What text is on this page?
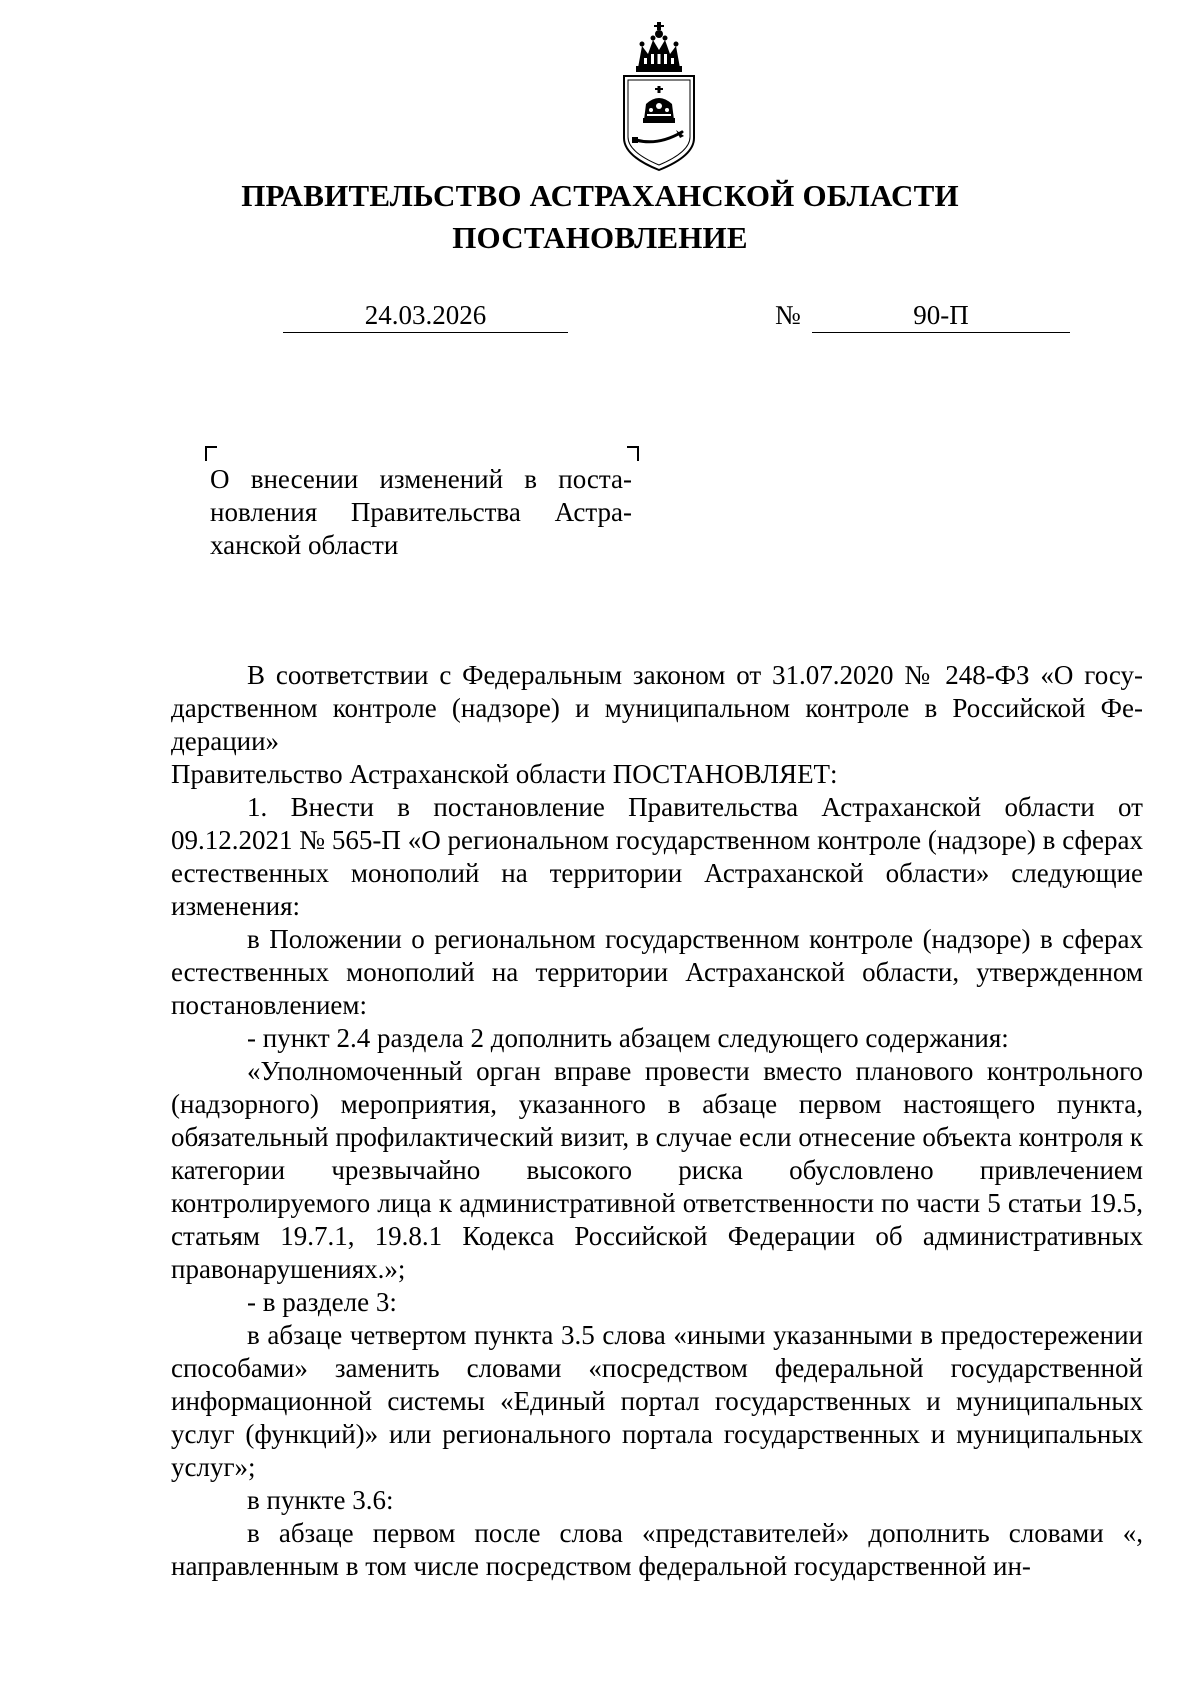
ПРАВИТЕЛЬСТВО АСТРАХАНСКОЙ ОБЛАСТИ
ПОСТАНОВЛЕНИЕ
24.03.2026	№	90-П
О внесении изменений в постановления Правительства Астраханской области

В соответствии с Федеральным законом от 31.07.2020 № 248-ФЗ «О государственном контроле (надзоре) и муниципальном контроле в Российской Федерации»

Правительство Астраханской области ПОСТАНОВЛЯЕТ:

1. Внести в постановление Правительства Астраханской области от 09.12.2021 № 565-П «О региональном государственном контроле (надзоре) в сферах естественных монополий на территории Астраханской области» следующие изменения:

в Положении о региональном государственном контроле (надзоре) в сферах естественных монополий на территории Астраханской области, утвержденном постановлением:

- пункт 2.4 раздела 2 дополнить абзацем следующего содержания:

«Уполномоченный орган вправе провести вместо планового контрольного (надзорного) мероприятия, указанного в абзаце первом настоящего пункта, обязательный профилактический визит, в случае если отнесение объекта контроля к категории чрезвычайно высокого риска обусловлено привлечением контролируемого лица к административной ответственности по части 5 статьи 19.5, статьям 19.7.1, 19.8.1 Кодекса Российской Федерации об административных правонарушениях.»;

- в разделе 3:

в абзаце четвертом пункта 3.5 слова «иными указанными в предостережении способами» заменить словами «посредством федеральной государственной информационной системы «Единый портал государственных и муниципальных услуг (функций)» или регионального портала государственных и муниципальных услуг»;

в пункте 3.6:

в абзаце первом после слова «представителей» дополнить словами «, направленным в том числе посредством федеральной государственной ин-
